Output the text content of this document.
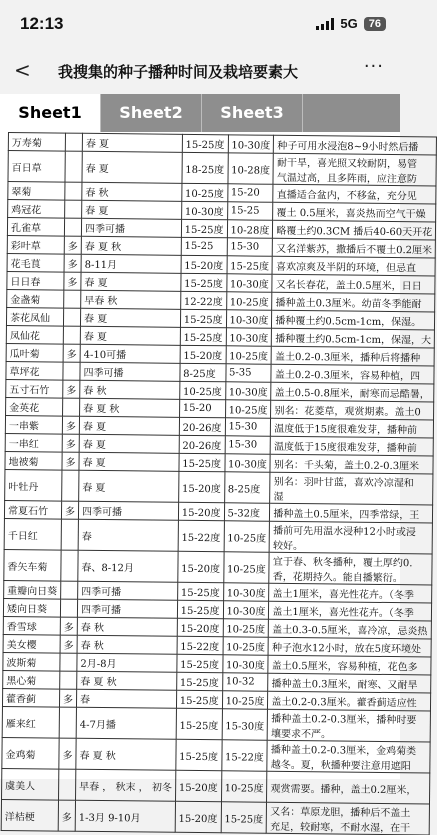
12:13	5G	76
< 我搜集的种子播种时间及栽培要素大	···
Sheet1	Sheet2	Sheet3
万寿菊		春 夏	15-25度	10-30度	种子可用水浸泡8~9小时然后播
百日草		春 夏	18-25度	10-28度	耐干旱，喜光照又较耐阴，易管
气温过高，且多阵雨，应注意防
翠菊		春 秋	10-25度	15-20	直播适合盆内，不移盆，充分见
鸡冠花		春 夏	10-30度	15-25	覆土 0.5厘米，喜炎热而空气干燥
孔雀草		四季可播	15-25度	10-28度	略覆土约0.3CM 播后40-60天开花
彩叶草	多	春 夏 秋	15-25	15-30	又名洋紫苏，撒播后不覆土0.2厘米
花毛茛	多	8-11月	15-20度	15-25度	喜欢凉爽及半阴的环境，但忌直
日日春	多	春 夏	15-25度	10-30度	又名长春花，盖土0.5厘米，日日
金盏菊		早春 秋	12-22度	10-25度	播种盖土0.3厘米。幼苗冬季能耐
茶花凤仙		春 夏	15-25度	10-30度	播种覆土约0.5cm-1cm，保湿。
凤仙花		春 夏	15-25度	10-30度	播种覆土约0.5cm-1cm，保湿，大
瓜叶菊	多	4-10可播	15-20度	10-25度	盖土0.2-0.3厘米，播种后将播种
草坪花		四季可播	8-25度	5-35	盖土0.2-0.3厘米，容易种植，四
五寸石竹	多	春 秋	10-25度	10-30度	盖土0.5-0.8厘米，耐寒而忌酷暑，
金英花		春 夏 秋	15-20	10-25度	别名：花菱草，观赏期素。盖土0
一串紫	多	春 夏	20-26度	15-30	温度低于15度很难发芽，播种前
一串红	多	春 夏	20-26度	15-30	温度低于15度很难发芽，播种前
地被菊	多	春 夏	15-25度	10-30度	别名：千头菊，盖土0.2-0.3厘米
叶牡丹		春 夏	15-20度	8-25度	别名：羽叶甘蓝，喜欢冷凉湿和
湿
常夏石竹	多	四季可播	15-20度	5-32度	播种盖土0.5厘米，四季常绿，王
千日红		春	15-22度	10-25度	播前可先用温水浸种12小时或浸
较好。
香矢车菊		春、8-12月	15-20度	10-25度	宜于春、秋冬播种，覆土厚约0.
香，花期持久。能自播繁衍。
重瓣向日葵		四季可播	15-25度	10-30度	盖土1厘米，喜光性花卉。（冬季
矮向日葵		四季可播	15-25度	10-30度	盖土1厘米，喜光性花卉。（冬季
香雪球	多	春 秋	15-20度	10-25度	盖土0.3-0.5厘米，喜冷凉，忌炎热
美女樱	多	春 秋	15-22度	10-25度	种子泡水12小时，放在5度环境处
波斯菊		2月-8月	15-25度	10-30度	盖土0.5厘米，容易种植，花色多
黑心菊		春 夏 秋	15-25度	10-32	播种盖土0.3厘米，耐寒、又耐旱
藿香蓟	多	春	15-25度	10-25度	盖土0.2-0.3厘米。藿香蓟适应性
雁来红		4-7月播	15-25度	15-30度	播种盖土0.2-0.3厘米，播种时要
壤要求不严。
金鸡菊	多	春 夏 秋	15-25度	15-22度	播种盖土0.2-0.3厘米，金鸡菊类
越冬。夏，秋播种要注意用遮阳
虞美人		早春 ， 秋末 ， 初冬	15-20度	10-25度	观赏需要。播种，盖土0.2厘米，
洋桔梗	多	1-3月 9-10月	15-20度	15-25度	又名：草原龙胆，播种后不盖土
充足，较耐寒，不耐水湿，在干
